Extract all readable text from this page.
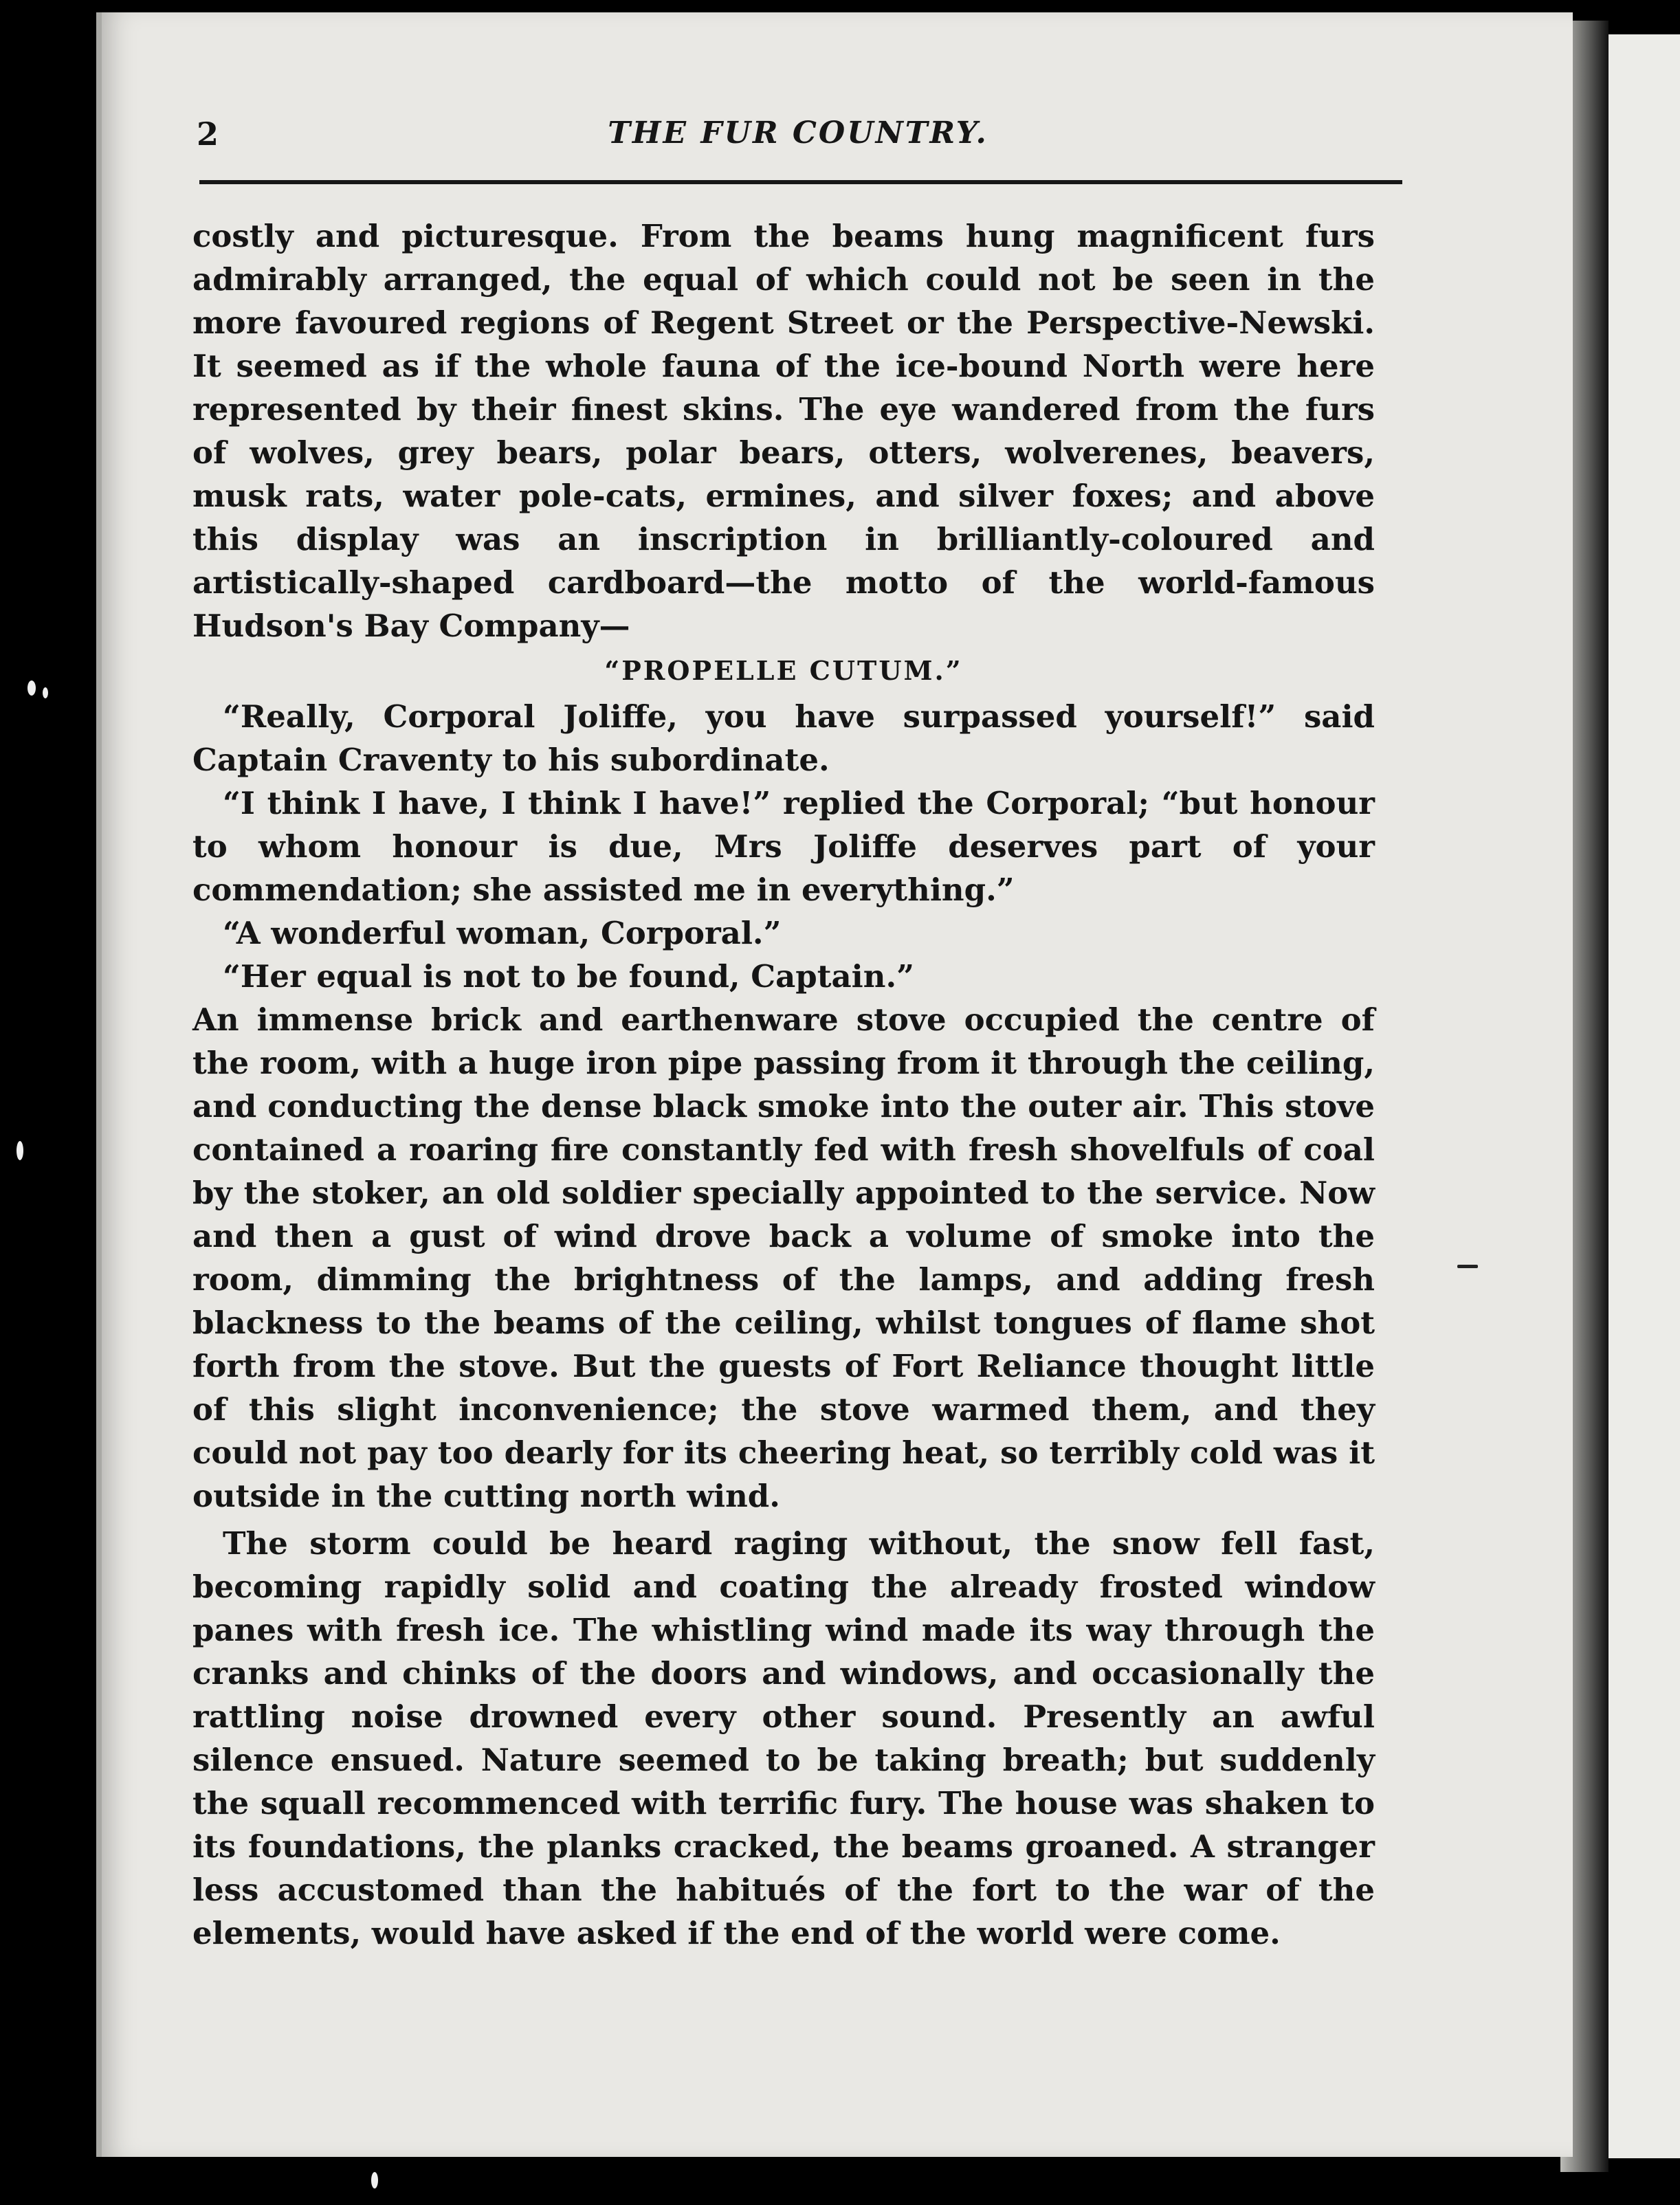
2	THE FUR COUNTRY.

costly and picturesque. From the beams hung magnificent furs admirably arranged, the equal of which could not be seen in the more favoured regions of Regent Street or the Perspective-Newski. It seemed as if the whole fauna of the ice-bound North were here represented by their finest skins. The eye wandered from the furs of wolves, grey bears, polar bears, otters, wolverenes, beavers, musk rats, water pole-cats, ermines, and silver foxes; and above this display was an inscription in brilliantly-coloured and artistically-shaped cardboard—the motto of the world-famous Hudson's Bay Company—

“PROPELLE CUTUM.”

“Really, Corporal Joliffe, you have surpassed yourself!” said Captain Craventy to his subordinate.

“I think I have, I think I have!” replied the Corporal; “but honour to whom honour is due, Mrs Joliffe deserves part of your commendation; she assisted me in everything.”

“A wonderful woman, Corporal.”

“Her equal is not to be found, Captain.”

An immense brick and earthenware stove occupied the centre of the room, with a huge iron pipe passing from it through the ceiling, and conducting the dense black smoke into the outer air. This stove contained a roaring fire constantly fed with fresh shovelfuls of coal by the stoker, an old soldier specially appointed to the service. Now and then a gust of wind drove back a volume of smoke into the room, dimming the brightness of the lamps, and adding fresh blackness to the beams of the ceiling, whilst tongues of flame shot forth from the stove. But the guests of Fort Reliance thought little of this slight inconvenience; the stove warmed them, and they could not pay too dearly for its cheering heat, so terribly cold was it outside in the cutting north wind.

The storm could be heard raging without, the snow fell fast, becoming rapidly solid and coating the already frosted window panes with fresh ice. The whistling wind made its way through the cranks and chinks of the doors and windows, and occasionally the rattling noise drowned every other sound. Presently an awful silence ensued. Nature seemed to be taking breath; but suddenly the squall recommenced with terrific fury. The house was shaken to its foundations, the planks cracked, the beams groaned. A stranger less accustomed than the habitués of the fort to the war of the elements, would have asked if the end of the world were come.
